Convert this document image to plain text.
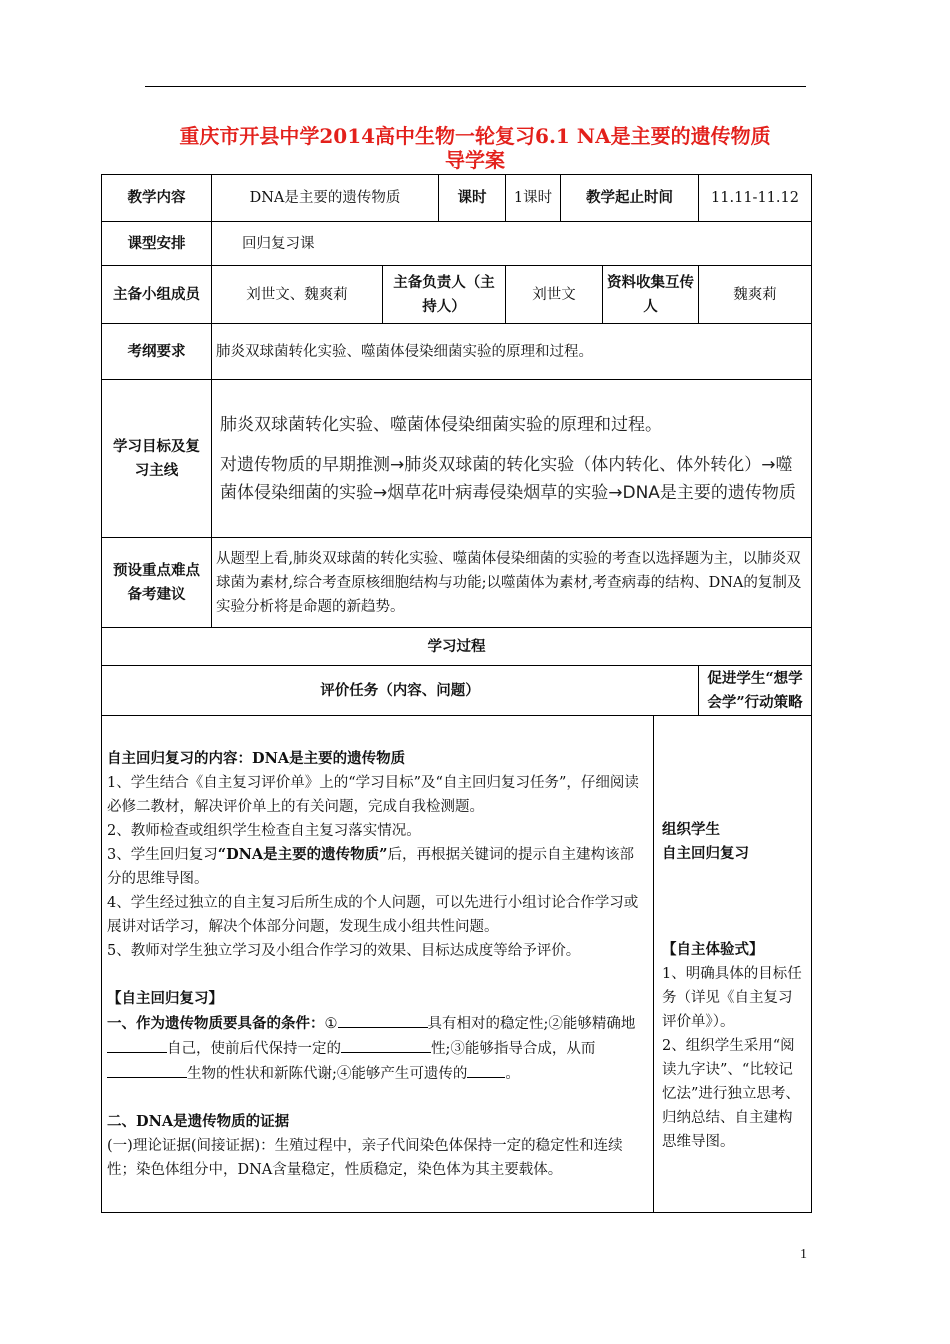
重庆市开县中学2014高中生物一轮复习6.1 NA是主要的遗传物质
导学案
教学内容	DNA是主要的遗传物质		课时	1课时	教学起止时间		11.11-11.12
课型安排	回归复习课						
主备小组成员	刘世文、魏爽莉	主备负责人（主持人）		刘世文		资料收集互传人	魏爽莉
考纲要求	肺炎双球菌转化实验、噬菌体侵染细菌实验的原理和过程。						
学习目标及复习主线	肺炎双球菌转化实验、噬菌体侵染细菌实验的原理和过程。
对遗传物质的早期推测→肺炎双球菌的转化实验（体内转化、体外转化）→噬菌体侵染细菌的实验→烟草花叶病毒侵染烟草的实验→DNA是主要的遗传物质						

预设重点难点备考建议	从题型上看,肺炎双球菌的转化实验、噬菌体侵染细菌的实验的考查以选择题为主，以肺炎双球菌为素材,综合考查原核细胞结构与功能;以噬菌体为素材,考查病毒的结构、DNA的复制及实验分析将是命题的新趋势。						
学习过程							
评价任务（内容、问题）							促进学生“想学会学”行动策略

自主回归复习的内容：DNA是主要的遗传物质

1、学生结合《自主复习评价单》上的“学习目标”及“自主回归复习任务”，仔细阅读必修二教材，解决评价单上的有关问题，完成自我检测题。

2、教师检查或组织学生检查自主复习落实情况。

3、学生回归复习“DNA是主要的遗传物质”后，再根据关键词的提示自主建构该部分的思维导图。

4、学生经过独立的自主复习后所生成的个人问题，可以先进行小组讨论合作学习或展讲对话学习，解决个体部分问题，发现生成小组共性问题。

5、教师对学生独立学习及小组合作学习的效果、目标达成度等给予评价。

【自主回归复习】

一、作为遗传物质要具备的条件：①	具有相对的稳定性;②能够精确地自己，使前后代保持一定的	性;③能够指导合成，从而生物的性状和新陈代谢;④能够产生可遗传的	。

二、DNA是遗传物质的证据

(一)理论证据(间接证据)：生殖过程中，亲子代间染色体保持一定的稳定性和连续性；染色体组分中，DNA含量稳定，性质稳定，染色体为其主要载体。

组织学生

自主回归复习

【自主体验式】

1、明确具体的目标任务（详见《自主复习评价单》）。

2、组织学生采用“阅读九字诀”、“比较记忆法”进行独立思考、归纳总结、自主建构思维导图。

1
